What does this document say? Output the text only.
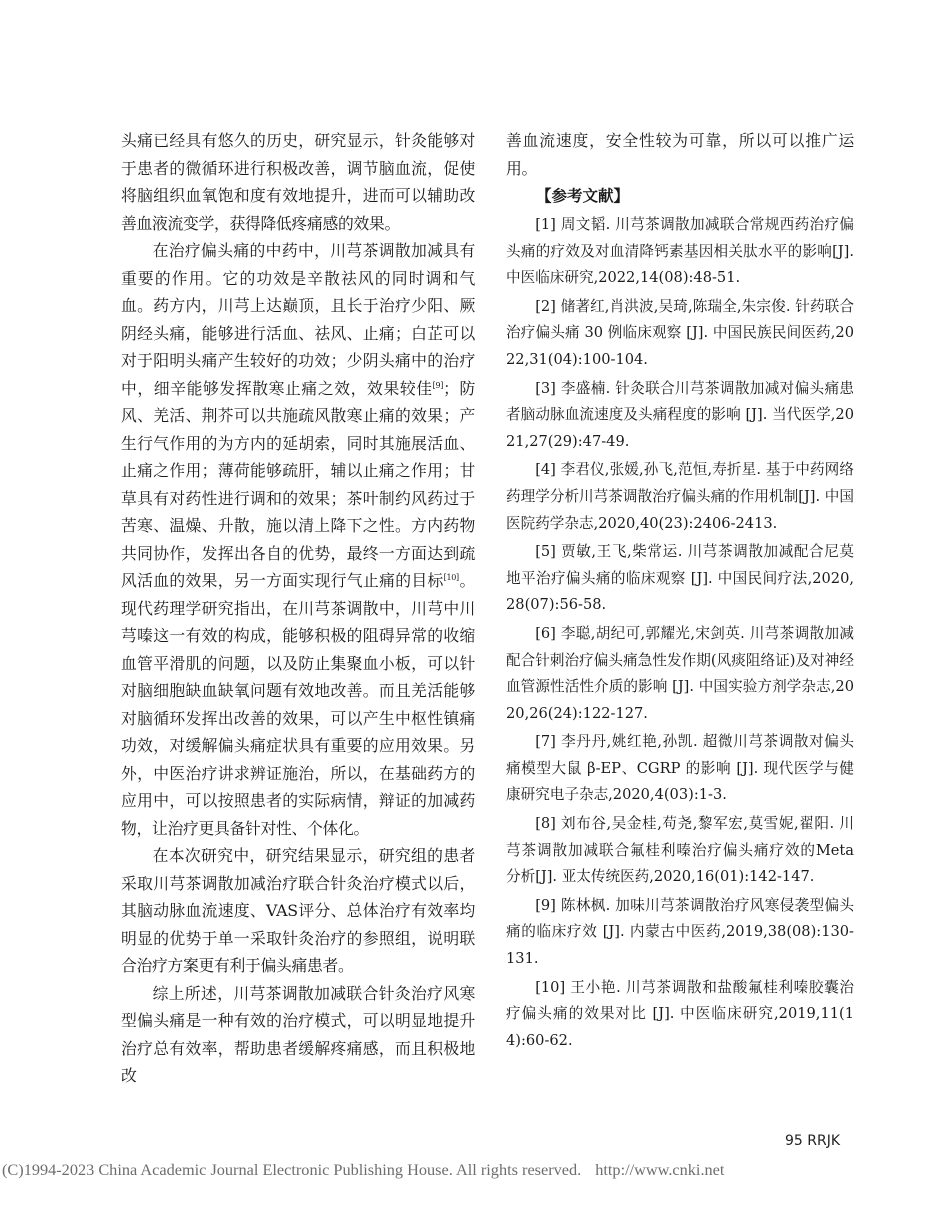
头痛已经具有悠久的历史，研究显示，针灸能够对于患者的微循环进行积极改善，调节脑血流，促使将脑组织血氧饱和度有效地提升，进而可以辅助改善血液流变学，获得降低疼痛感的效果。

在治疗偏头痛的中药中，川芎茶调散加减具有重要的作用。它的功效是辛散祛风的同时调和气血。药方内，川芎上达巅顶，且长于治疗少阳、厥阴经头痛，能够进行活血、祛风、止痛；白芷可以对于阳明头痛产生较好的功效；少阴头痛中的治疗中，细辛能够发挥散寒止痛之效，效果较佳[9]；防风、羌活、荆芥可以共施疏风散寒止痛的效果；产生行气作用的为方内的延胡索，同时其施展活血、止痛之作用；薄荷能够疏肝，辅以止痛之作用；甘草具有对药性进行调和的效果；茶叶制约风药过于苦寒、温燥、升散，施以清上降下之性。方内药物共同协作，发挥出各自的优势，最终一方面达到疏风活血的效果，另一方面实现行气止痛的目标[10]。现代药理学研究指出，在川芎茶调散中，川芎中川芎嗪这一有效的构成，能够积极的阻碍异常的收缩血管平滑肌的问题，以及防止集聚血小板，可以针对脑细胞缺血缺氧问题有效地改善。而且羌活能够对脑循环发挥出改善的效果，可以产生中枢性镇痛功效，对缓解偏头痛症状具有重要的应用效果。另外，中医治疗讲求辨证施治，所以，在基础药方的应用中，可以按照患者的实际病情，辩证的加减药物，让治疗更具备针对性、个体化。

在本次研究中，研究结果显示，研究组的患者采取川芎茶调散加减治疗联合针灸治疗模式以后，其脑动脉血流速度、VAS评分、总体治疗有效率均明显的优势于单一采取针灸治疗的参照组，说明联合治疗方案更有利于偏头痛患者。

综上所述，川芎茶调散加减联合针灸治疗风寒型偏头痛是一种有效的治疗模式，可以明显地提升治疗总有效率，帮助患者缓解疼痛感，而且积极地改

善血流速度，安全性较为可靠，所以可以推广运用。

【参考文献】
[1] 周文韬. 川芎茶调散加减联合常规西药治疗偏头痛的疗效及对血清降钙素基因相关肽水平的影响[J]. 中医临床研究,2022,14(08):48-51.
[2] 储著红,肖洪波,吴琦,陈瑞全,朱宗俊. 针药联合治疗偏头痛 30 例临床观察 [J]. 中国民族民间医药,2022,31(04):100-104.
[3] 李盛楠. 针灸联合川芎茶调散加减对偏头痛患者脑动脉血流速度及头痛程度的影响 [J]. 当代医学,2021,27(29):47-49.
[4] 李君仪,张媛,孙飞,范恒,寿折星. 基于中药网络药理学分析川芎茶调散治疗偏头痛的作用机制[J]. 中国医院药学杂志,2020,40(23):2406-2413.
[5] 贾敏,王飞,柴常运. 川芎茶调散加减配合尼莫地平治疗偏头痛的临床观察 [J]. 中国民间疗法,2020,28(07):56-58.
[6] 李聪,胡纪可,郭耀光,宋剑英. 川芎茶调散加减配合针刺治疗偏头痛急性发作期(风痰阻络证)及对神经血管源性活性介质的影响 [J]. 中国实验方剂学杂志,2020,26(24):122-127.
[7] 李丹丹,姚红艳,孙凯. 超微川芎茶调散对偏头痛模型大鼠 β-EP、CGRP 的影响 [J]. 现代医学与健康研究电子杂志,2020,4(03):1-3.
[8] 刘布谷,吴金桂,苟尧,黎军宏,莫雪妮,翟阳. 川芎茶调散加减联合氟桂利嗪治疗偏头痛疗效的Meta 分析[J]. 亚太传统医药,2020,16(01):142-147.
[9] 陈林枫. 加味川芎茶调散治疗风寒侵袭型偏头痛的临床疗效 [J]. 内蒙古中医药,2019,38(08):130-131.
[10] 王小艳. 川芎茶调散和盐酸氟桂利嗪胶囊治疗偏头痛的效果对比 [J]. 中医临床研究,2019,11(14):60-62.
95 RRJK
(C)1994-2023 China Academic Journal Electronic Publishing House. All rights reserved. http://www.cnki.net
